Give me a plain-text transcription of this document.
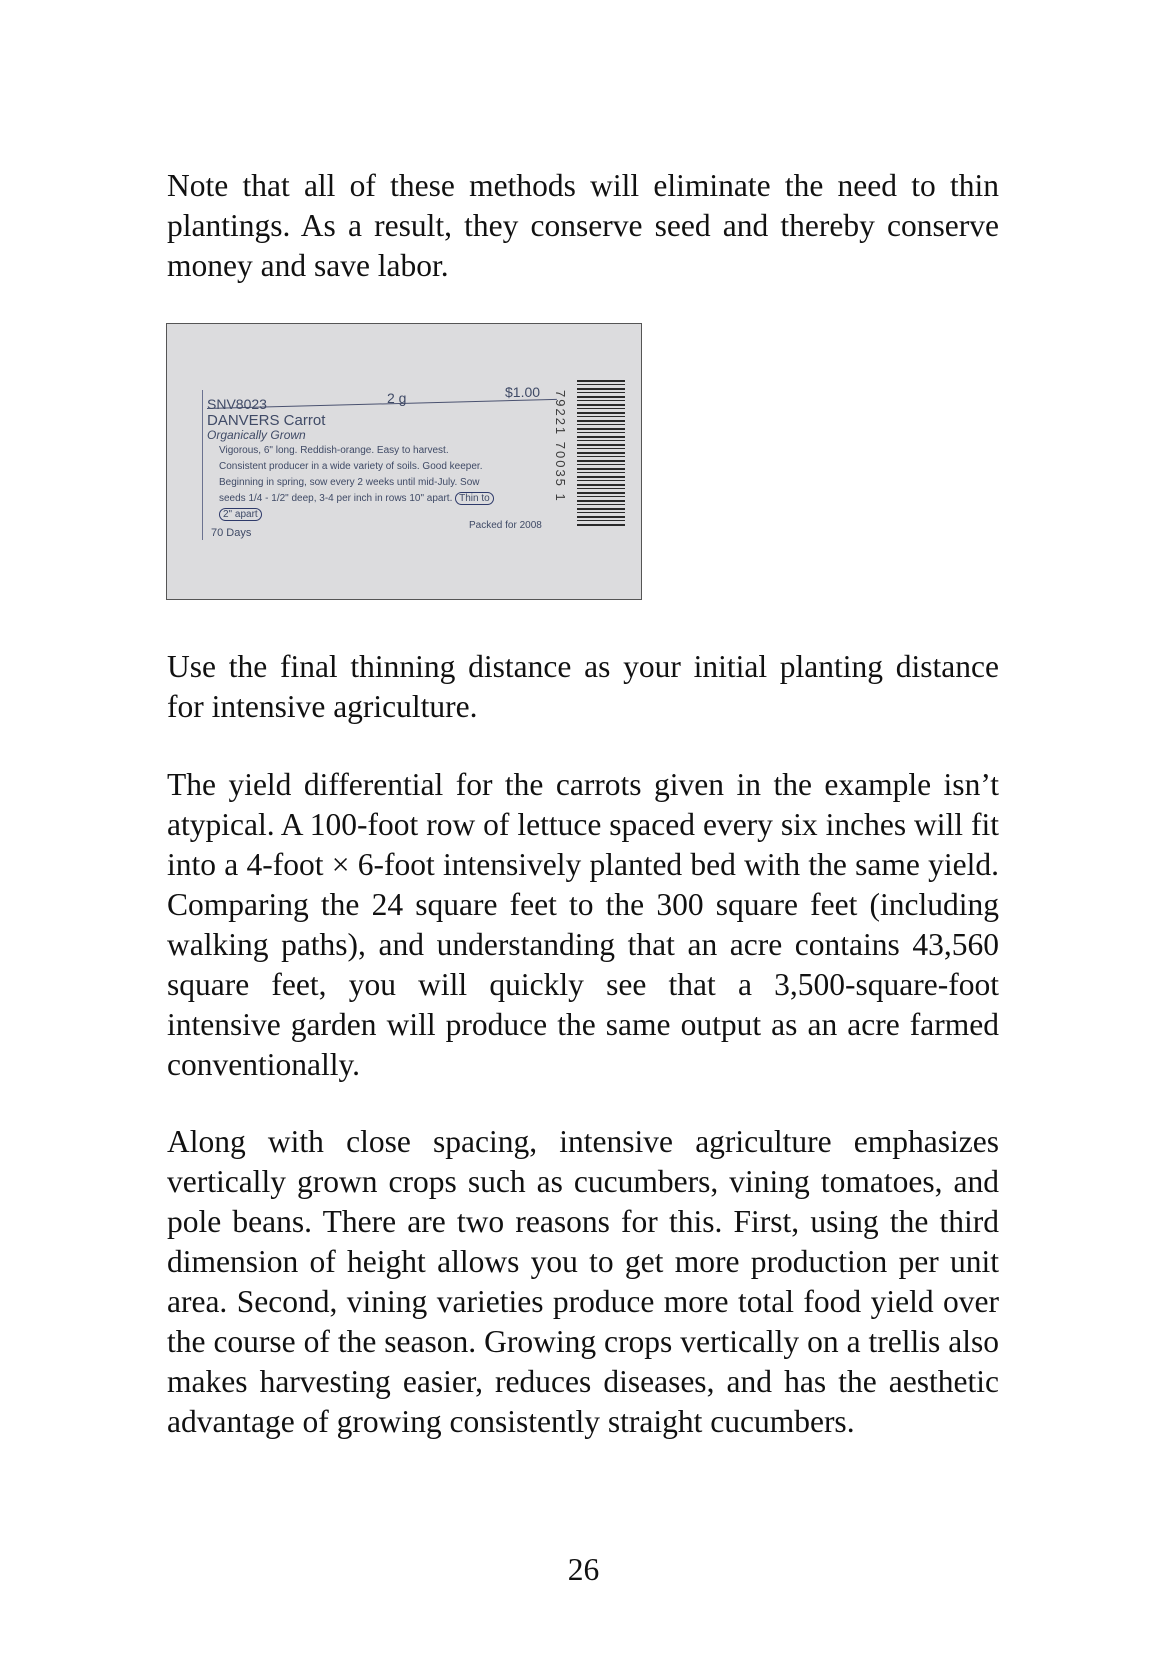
Note that all of these methods will eliminate the need to thin plantings. As a result, they conserve seed and thereby conserve money and save labor.

SNV8023	2 g	$1.00
DANVERS Carrot
Organically Grown
Vigorous, 6" long. Reddish-orange. Easy to harvest.
Consistent producer in a wide variety of soils. Good keeper.
Beginning in spring, sow every 2 weeks until mid-July. Sow
seeds 1/4 - 1/2" deep, 3-4 per inch in rows 10" apart. Thin to
2" apart
70 Days
Packed for 2008
79221 70035 1

Use the final thinning distance as your initial planting distance for intensive agriculture.

The yield differential for the carrots given in the example isn’t atypical. A 100-foot row of lettuce spaced every six inches will fit into a 4-foot × 6-foot intensively planted bed with the same yield. Comparing the 24 square feet to the 300 square feet (including walking paths), and understanding that an acre contains 43,560 square feet, you will quickly see that a 3,500-square-foot intensive garden will produce the same output as an acre farmed conventionally.

Along with close spacing, intensive agriculture emphasizes vertically grown crops such as cucumbers, vining tomatoes, and pole beans. There are two reasons for this. First, using the third dimension of height allows you to get more production per unit area. Second, vining varieties produce more total food yield over the course of the season. Growing crops vertically on a trellis also makes harvesting easier, reduces diseases, and has the aesthetic advantage of growing consistently straight cucumbers.

26
